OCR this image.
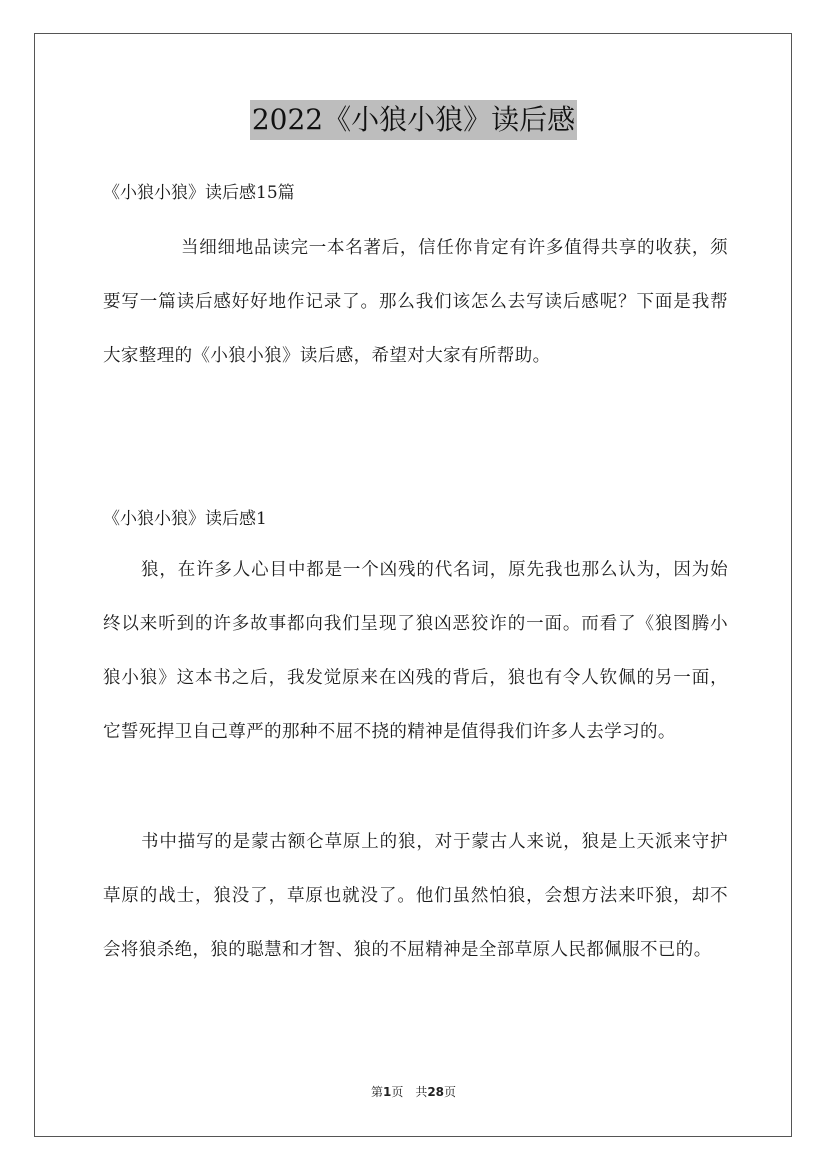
2022《小狼小狼》读后感
《小狼小狼》读后感15篇

当细细地品读完一本名著后，信任你肯定有许多值得共享的收获，须要写一篇读后感好好地作记录了。那么我们该怎么去写读后感呢？下面是我帮大家整理的《小狼小狼》读后感，希望对大家有所帮助。

《小狼小狼》读后感1

狼，在许多人心目中都是一个凶残的代名词，原先我也那么认为，因为始终以来听到的许多故事都向我们呈现了狼凶恶狡诈的一面。而看了《狼图腾小狼小狼》这本书之后，我发觉原来在凶残的背后，狼也有令人钦佩的另一面，它誓死捍卫自己尊严的那种不屈不挠的精神是值得我们许多人去学习的。

书中描写的是蒙古额仑草原上的狼，对于蒙古人来说，狼是上天派来守护草原的战士，狼没了，草原也就没了。他们虽然怕狼，会想方法来吓狼，却不会将狼杀绝，狼的聪慧和才智、狼的不屈精神是全部草原人民都佩服不已的。

第1页　共28页
